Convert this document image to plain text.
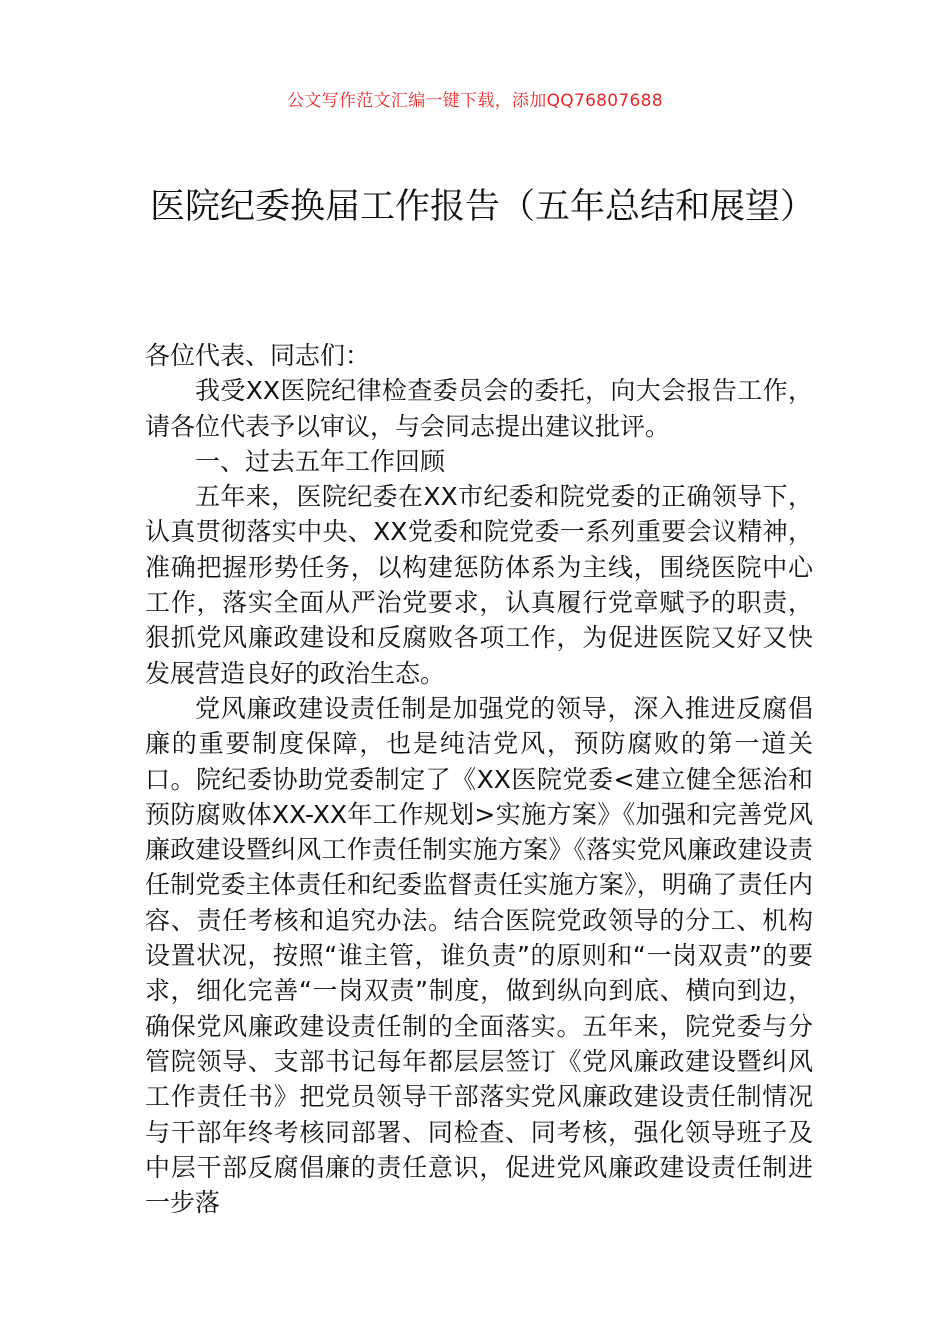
公文写作范文汇编一键下载，添加QQ76807688
医院纪委换届工作报告（五年总结和展望）

各位代表、同志们：

我受XX医院纪律检查委员会的委托，向大会报告工作，请各位代表予以审议，与会同志提出建议批评。

一、过去五年工作回顾

五年来，医院纪委在XX市纪委和院党委的正确领导下，认真贯彻落实中央、XX党委和院党委一系列重要会议精神，准确把握形势任务，以构建惩防体系为主线，围绕医院中心工作，落实全面从严治党要求，认真履行党章赋予的职责，狠抓党风廉政建设和反腐败各项工作，为促进医院又好又快发展营造良好的政治生态。

党风廉政建设责任制是加强党的领导，深入推进反腐倡廉的重要制度保障，也是纯洁党风，预防腐败的第一道关口。院纪委协助党委制定了《XX医院党委<建立健全惩治和预防腐败体XX-XX年工作规划>实施方案》《加强和完善党风廉政建设暨纠风工作责任制实施方案》《落实党风廉政建设责任制党委主体责任和纪委监督责任实施方案》，明确了责任内容、责任考核和追究办法。结合医院党政领导的分工、机构设置状况，按照“谁主管，谁负责”的原则和“一岗双责”的要求，细化完善“一岗双责”制度，做到纵向到底、横向到边，确保党风廉政建设责任制的全面落实。五年来，院党委与分管院领导、支部书记每年都层层签订《党风廉政建设暨纠风工作责任书》把党员领导干部落实党风廉政建设责任制情况与干部年终考核同部署、同检查、同考核，强化领导班子及中层干部反腐倡廉的责任意识，促进党风廉政建设责任制进一步落
